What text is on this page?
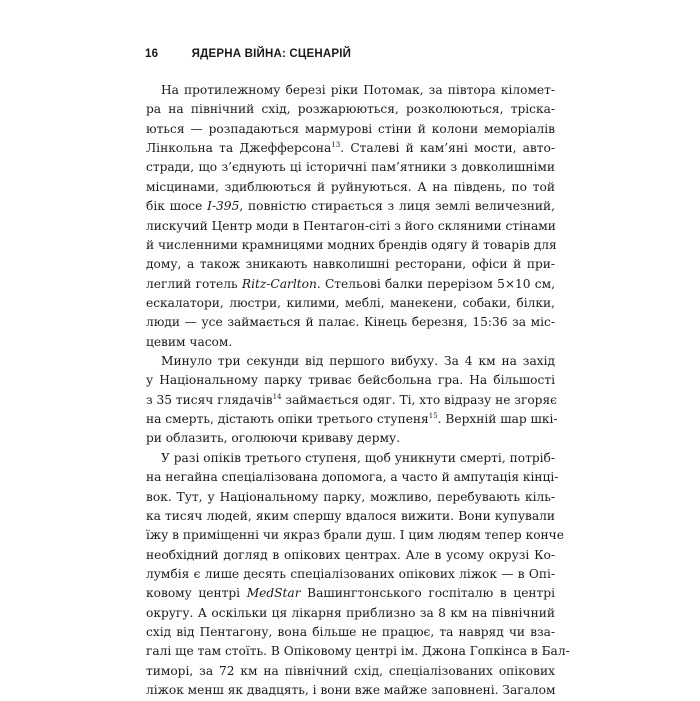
16	ЯДЕРНА ВІЙНА: СЦЕНАРІЙ
На протилежному березі ріки Потомак, за півтора кіломет-
ра на північний схід, розжарюються, розколюються, тріска-
ються — розпадаються мармурові стіни й колони меморіалів
Лінкольна та Джефферсона$^{13}$. Сталеві й кам’яні мости, авто-
стради, що з’єднують ці історичні пам’ятники з довколишніми
місцинами, здиблюються й руйнуються. А на південь, по той
бік шосе I-395, повністю стирається з лиця землі величезний,
лискучий Центр моди в Пентагон-сіті з його скляними стінами
й численними крамницями модних брендів одягу й товарів для
дому, а також зникають навколишні ресторани, офіси й при-
леглий готель Ritz-Carlton. Стельові балки перерізом 5×10 см,
ескалатори, люстри, килими, меблі, манекени, собаки, білки,
люди — усе займається й палає. Кінець березня, 15:36 за міс-
цевим часом.
Минуло три секунди від першого вибуху. За 4 км на захід
у Національному парку триває бейсбольна гра. На більшості
з 35 тисяч глядачів$^{14}$ займається одяг. Ті, хто відразу не згоряє
на смерть, дістають опіки третього ступеня$^{15}$. Верхній шар шкі-
ри облазить, оголюючи криваву дерму.
У разі опіків третього ступеня, щоб уникнути смерті, потріб-
на негайна спеціалізована допомога, а часто й ампутація кінці-
вок. Тут, у Національному парку, можливо, перебувають кіль-
ка тисяч людей, яким спершу вдалося вижити. Вони купували
їжу в приміщенні чи якраз брали душ. І цим людям тепер конче
необхідний догляд в опікових центрах. Але в усому окрузі Ко-
лумбія є лише десять спеціалізованих опікових ліжок — в Опі-
ковому центрі MedStar Вашингтонського госпіталю в центрі
округу. А оскільки ця лікарня приблизно за 8 км на північний
схід від Пентагону, вона більше не працює, та навряд чи вза-
галі ще там стоїть. В Опіковому центрі ім. Джона Гопкінса в Бал-
тиморі, за 72 км на північний схід, спеціалізованих опікових
ліжок менш як двадцять, і вони вже майже заповнені. Загалом
